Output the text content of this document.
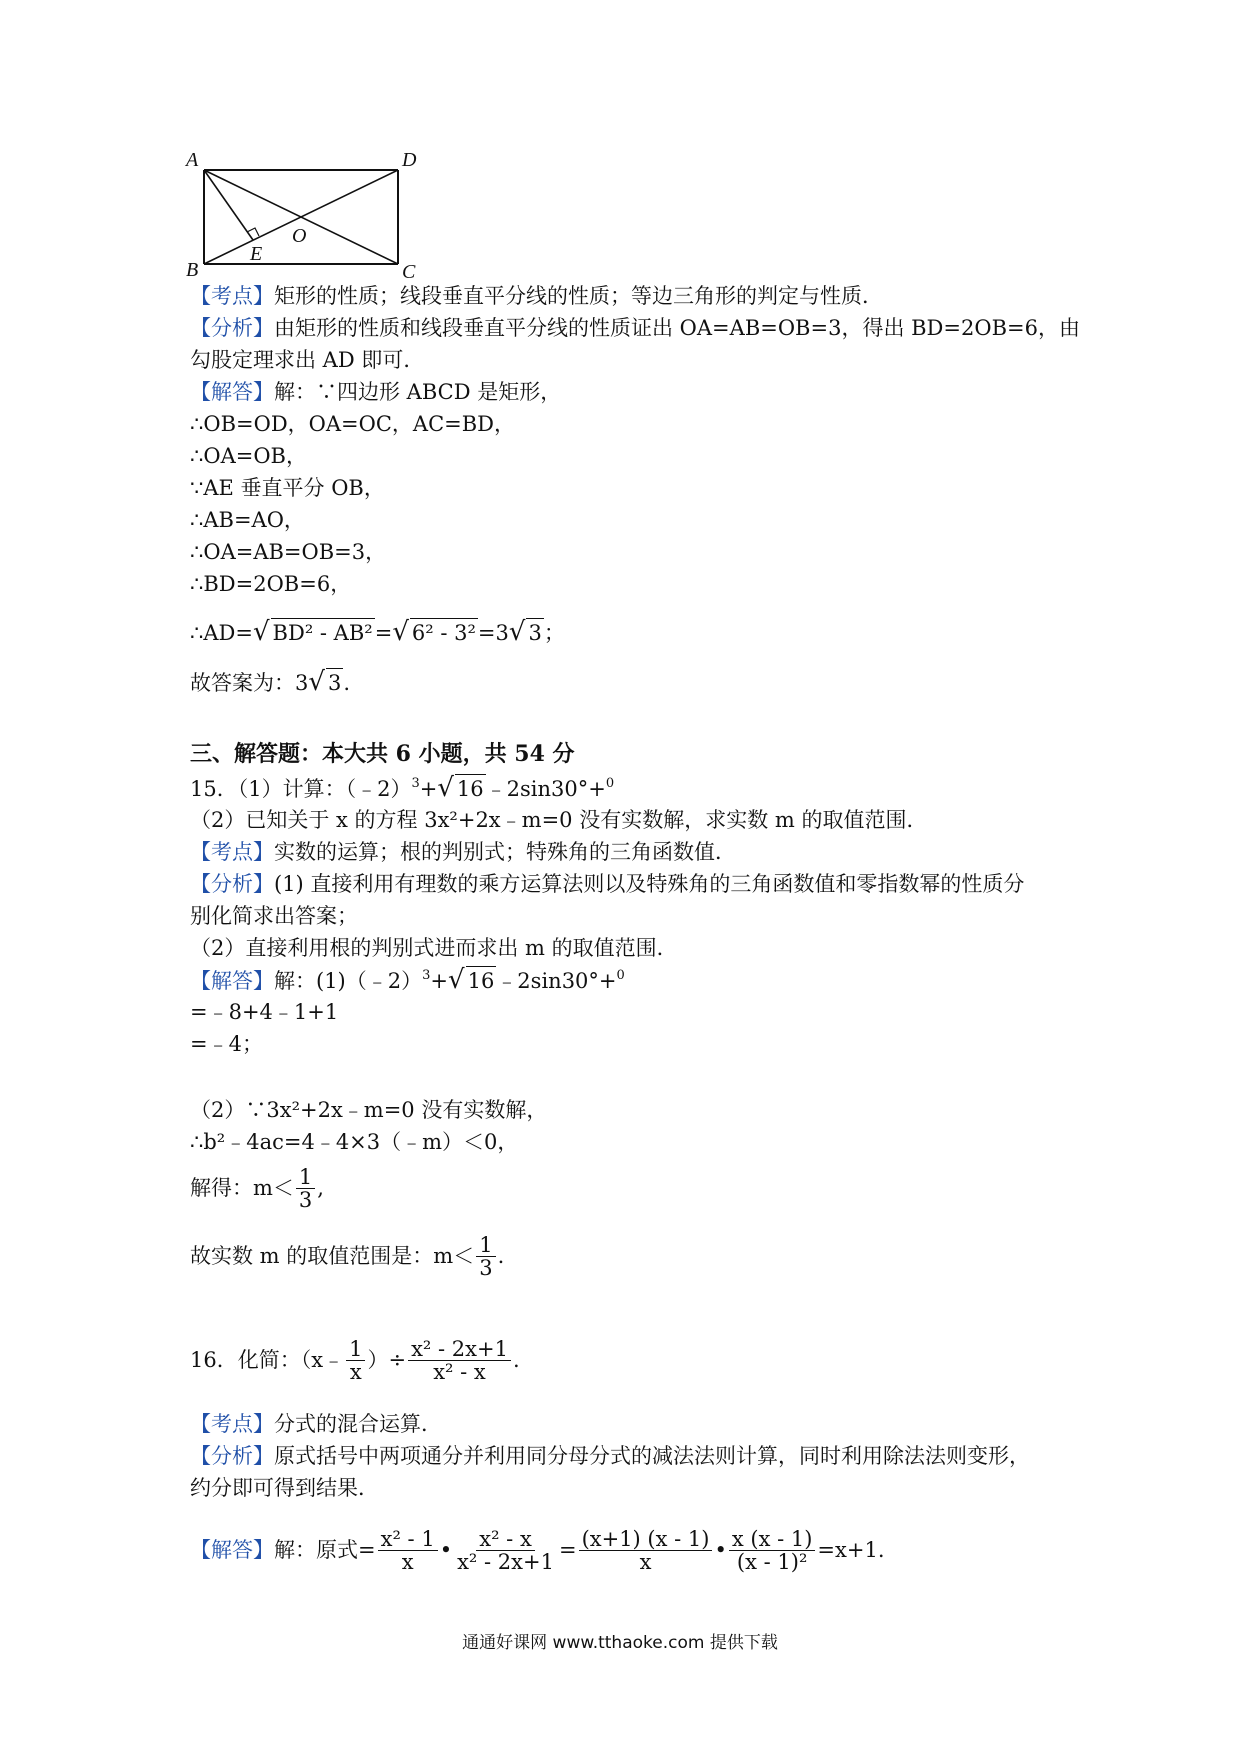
A	D
B	C
E
O
【考点】矩形的性质；线段垂直平分线的性质；等边三角形的判定与性质．
【分析】由矩形的性质和线段垂直平分线的性质证出 OA=AB=OB=3，得出 BD=2OB=6，由
勾股定理求出 AD 即可．
【解答】解：∵四边形 ABCD 是矩形，
∴OB=OD，OA=OC，AC=BD，
∴OA=OB，
∵AE 垂直平分 OB，
∴AB=AO，
∴OA=AB=OB=3，
∴BD=2OB=6，
∴AD=√ BD² - AB²=√ 6² - 3²=3√ 3；
故答案为：3√ 3.
三、解答题：本大共 6 小题，共 54 分
15．（1）计算：（﹣2）$^3$+√ 16﹣2sin30°+$^0$
（2）已知关于 x 的方程 3x²+2x﹣m=0 没有实数解，求实数 m 的取值范围．
【考点】实数的运算；根的判别式；特殊角的三角函数值．
【分析】(1) 直接利用有理数的乘方运算法则以及特殊角的三角函数值和零指数幂的性质分
别化简求出答案；
（2）直接利用根的判别式进而求出 m 的取值范围．
【解答】解：(1)（﹣2）$^3$+√ 16﹣2sin30°+$^0$
=﹣8+4﹣1+1
=﹣4；
（2）∵3x²+2x﹣m=0 没有实数解，
∴b²﹣4ac=4﹣4×3（﹣m）＜0，
解得：$m< \frac{1}{3}$ ,
故实数 m 的取值范围是：$m< \frac{1}{3}$ .
16．化简：（x﹣ $\frac{1}{x}$ ）÷ $\frac{\text{x² - 2x+1}}{\text{x² - x}}$ .
【考点】分式的混合运算．
【分析】原式括号中两项通分并利用同分母分式的减法法则计算，同时利用除法法则变形，
约分即可得到结果．
【解答】 解：原式= $\frac{\text{x² - 1}}{x}$ • $\frac{\text{x² - x}}{\text{x² - 2x+1}} = \frac{(x+1) (x - 1)}{x}$ • $\frac{x (x - 1)}{\text{(x - 1)²}} =x+1$.
通通好课网 www.tthaoke.com 提供下载
